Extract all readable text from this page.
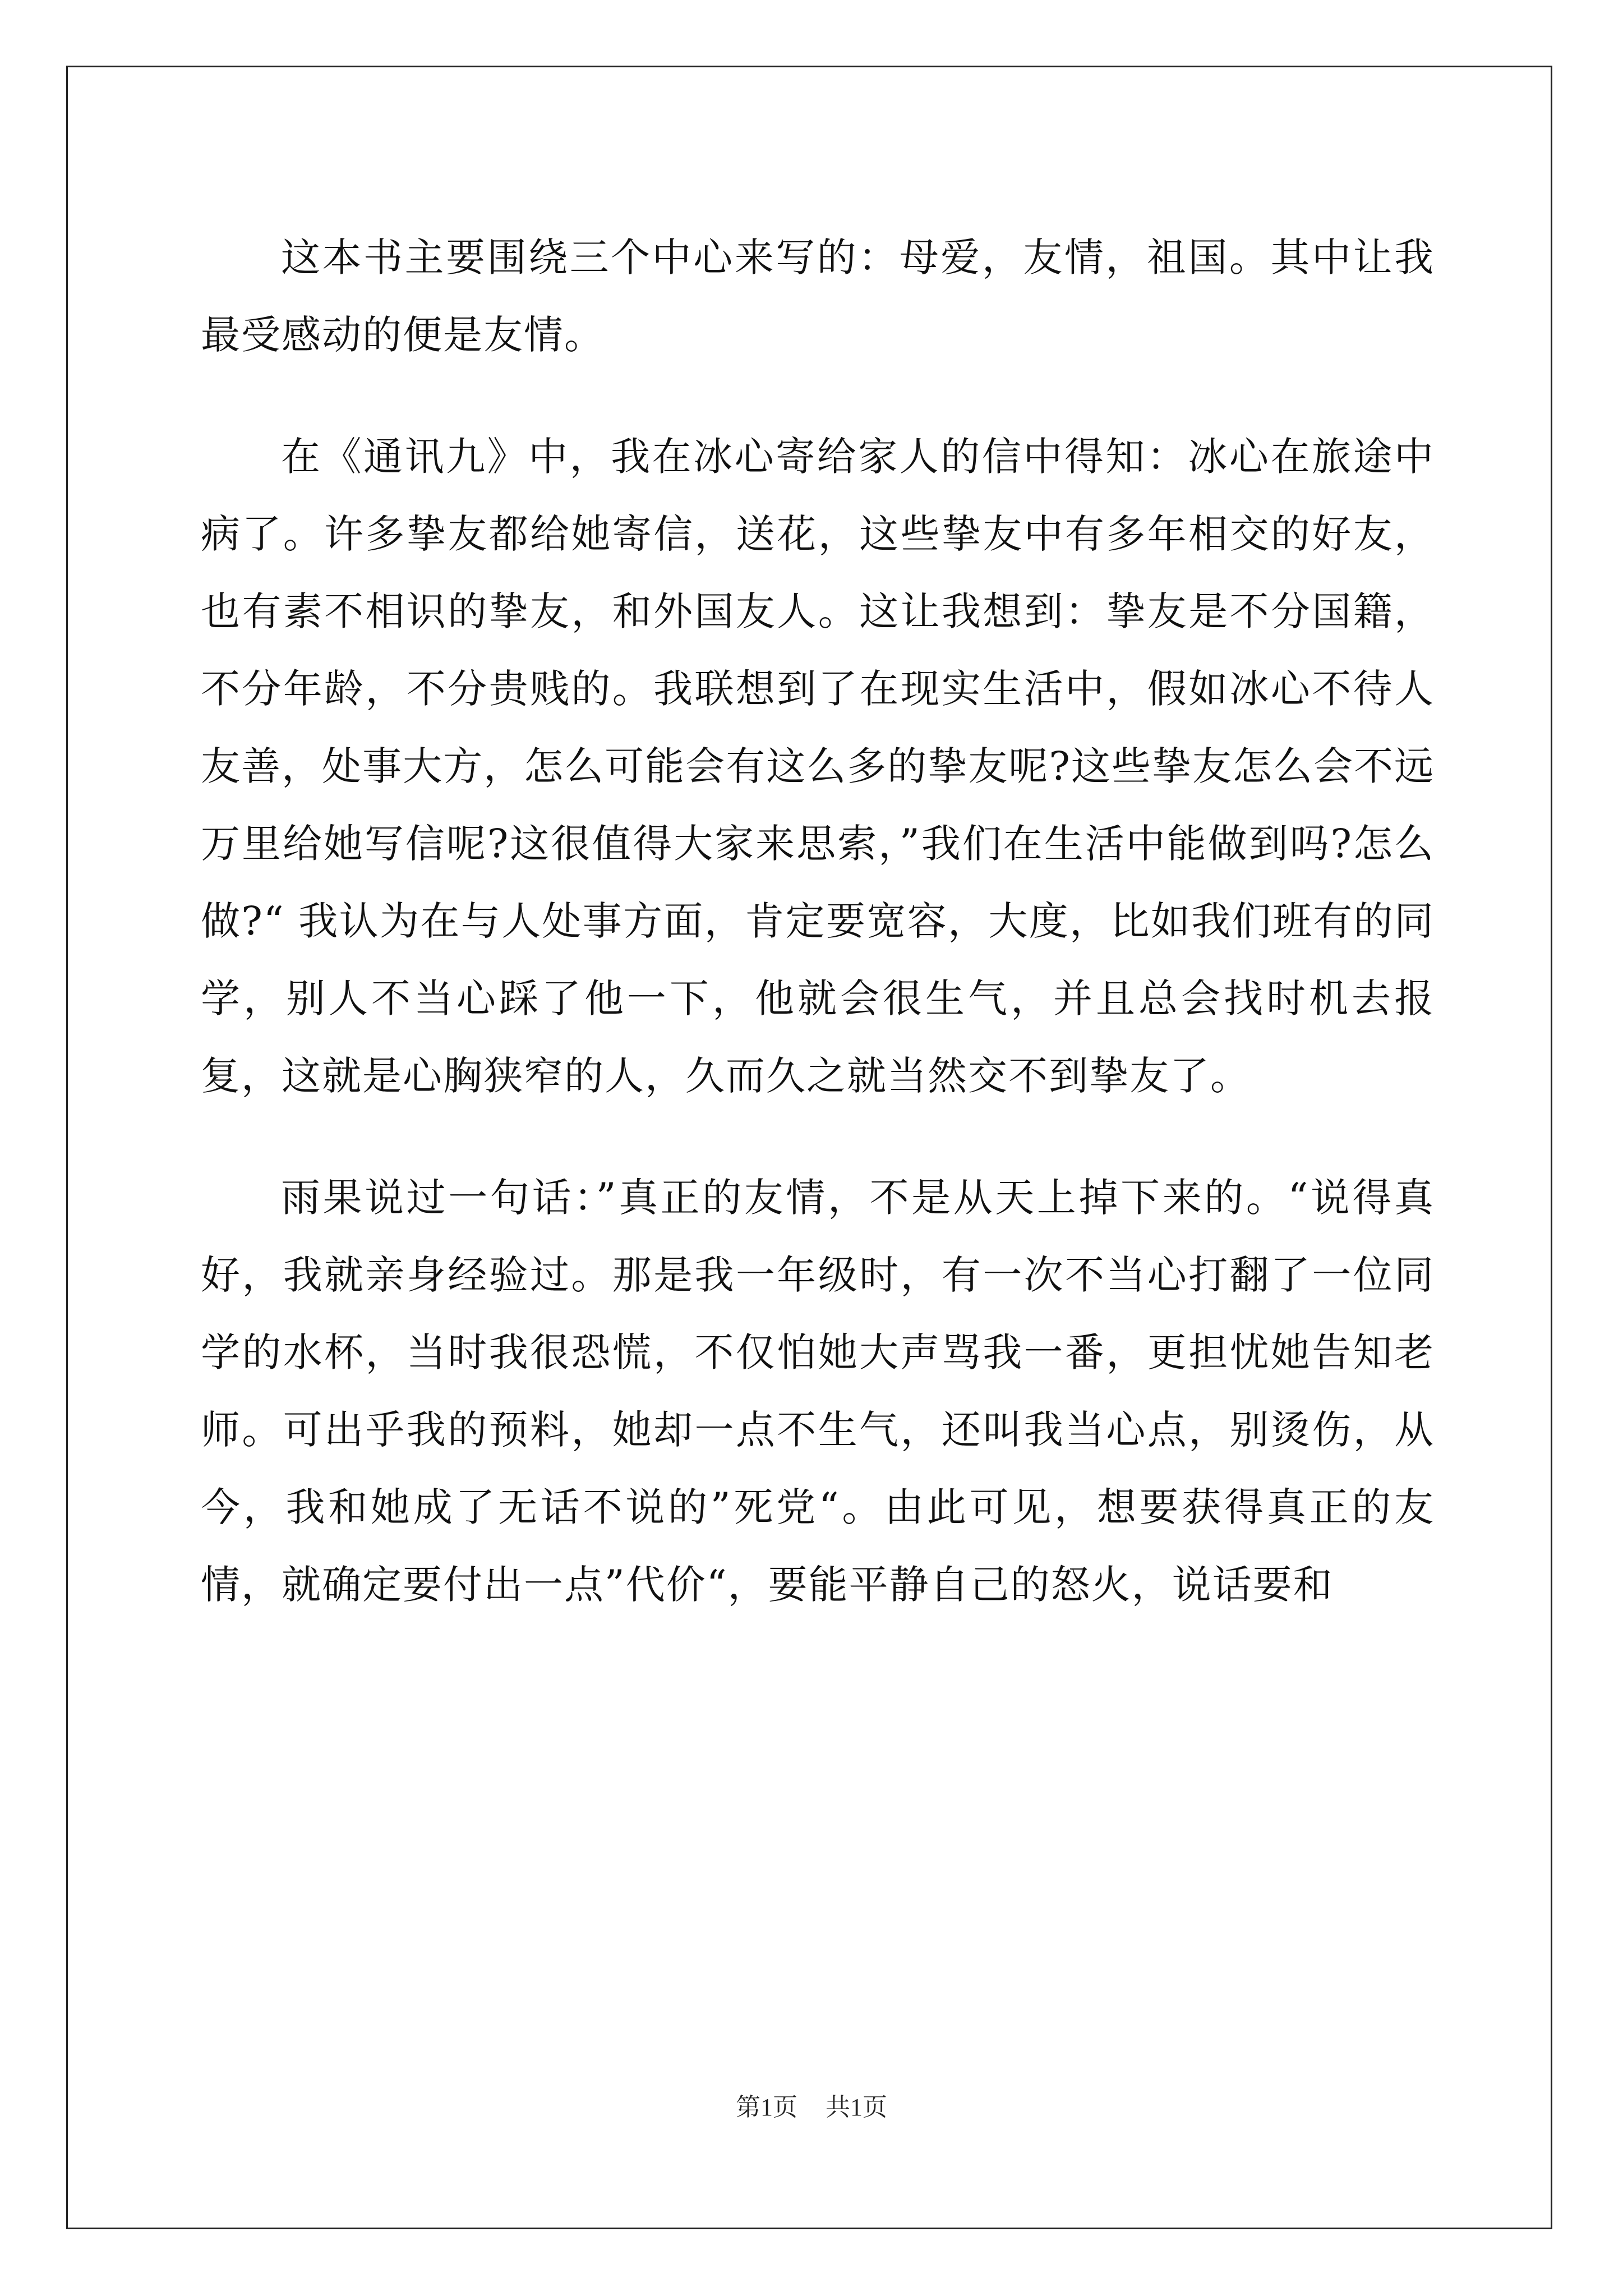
这本书主要围绕三个中心来写的：母爱，友情，祖国。其中让我最受感动的便是友情。

在《通讯九》中，我在冰心寄给家人的信中得知：冰心在旅途中病了。许多挚友都给她寄信，送花，这些挚友中有多年相交的好友，也有素不相识的挚友，和外国友人。这让我想到：挚友是不分国籍，不分年龄，不分贵贱的。我联想到了在现实生活中，假如冰心不待人友善，处事大方，怎么可能会有这么多的挚友呢?这些挚友怎么会不远万里给她写信呢?这很值得大家来思索，”我们在生活中能做到吗?怎么 做?“ 我认为在与人处事方面，肯定要宽容，大度，比如我们班有的同学，别人不当心踩了他一下，他就会很生气，并且总会找时机去报复，这就是心胸狭窄的人，久而久之就当然交不到挚友了。

雨果说过一句话：”真正的友情，不是从天上掉下来的。“说得真好，我就亲身经验过。那是我一年级时，有一次不当心打翻了一位同学的水杯，当时我很恐慌，不仅怕她大声骂我一番，更担忧她告知老师。可出乎我的预料，她却一点不生气，还叫我当心点，别烫伤，从今，我和她成了无话不说的”死党“。由此可见，想要获得真正的友情，就确定要付出一点”代价“，要能平静自己的怒火，说话要和

第1页 共1页
